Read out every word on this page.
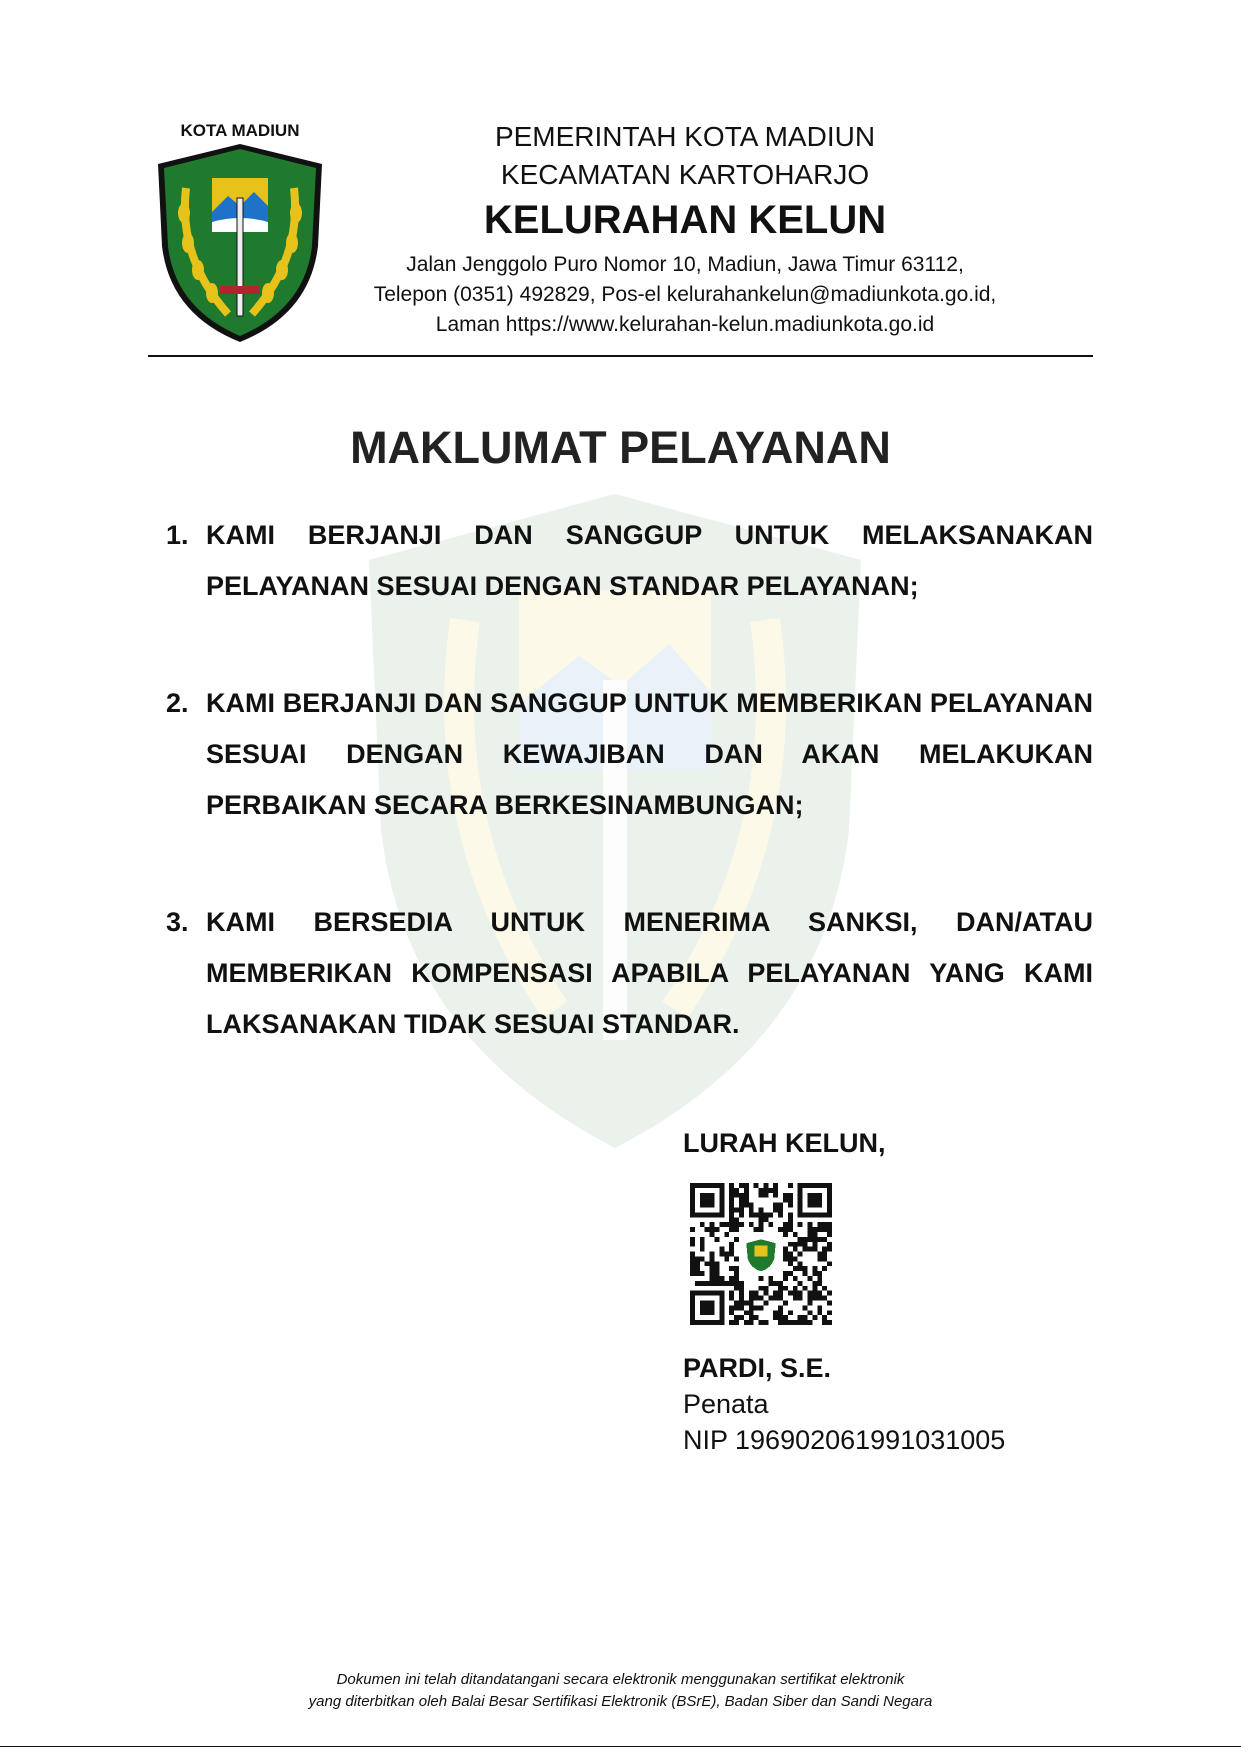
KOTA MADIUN	PEMERINTAH KOTA MADIUN
KECAMATAN KARTOHARJO
KELURAHAN KELUN
Jalan Jenggolo Puro Nomor 10, Madiun, Jawa Timur 63112,
Telepon (0351) 492829, Pos-el kelurahankelun@madiunkota.go.id,
Laman https://www.kelurahan-kelun.madiunkota.go.id
MAKLUMAT PELAYANAN
1. KAMI BERJANJI DAN SANGGUP UNTUK MELAKSANAKAN PELAYANAN SESUAI DENGAN STANDAR PELAYANAN;
2. KAMI BERJANJI DAN SANGGUP UNTUK MEMBERIKAN PELAYANAN SESUAI DENGAN KEWAJIBAN DAN AKAN MELAKUKAN PERBAIKAN SECARA BERKESINAMBUNGAN;
3. KAMI BERSEDIA UNTUK MENERIMA SANKSI, DAN/ATAU MEMBERIKAN KOMPENSASI APABILA PELAYANAN YANG KAMI LAKSANAKAN TIDAK SESUAI STANDAR.
LURAH KELUN,
PARDI, S.E.
Penata
NIP 196902061991031005
Dokumen ini telah ditandatangani secara elektronik menggunakan sertifikat elektronik
yang diterbitkan oleh Balai Besar Sertifikasi Elektronik (BSrE), Badan Siber dan Sandi Negara
